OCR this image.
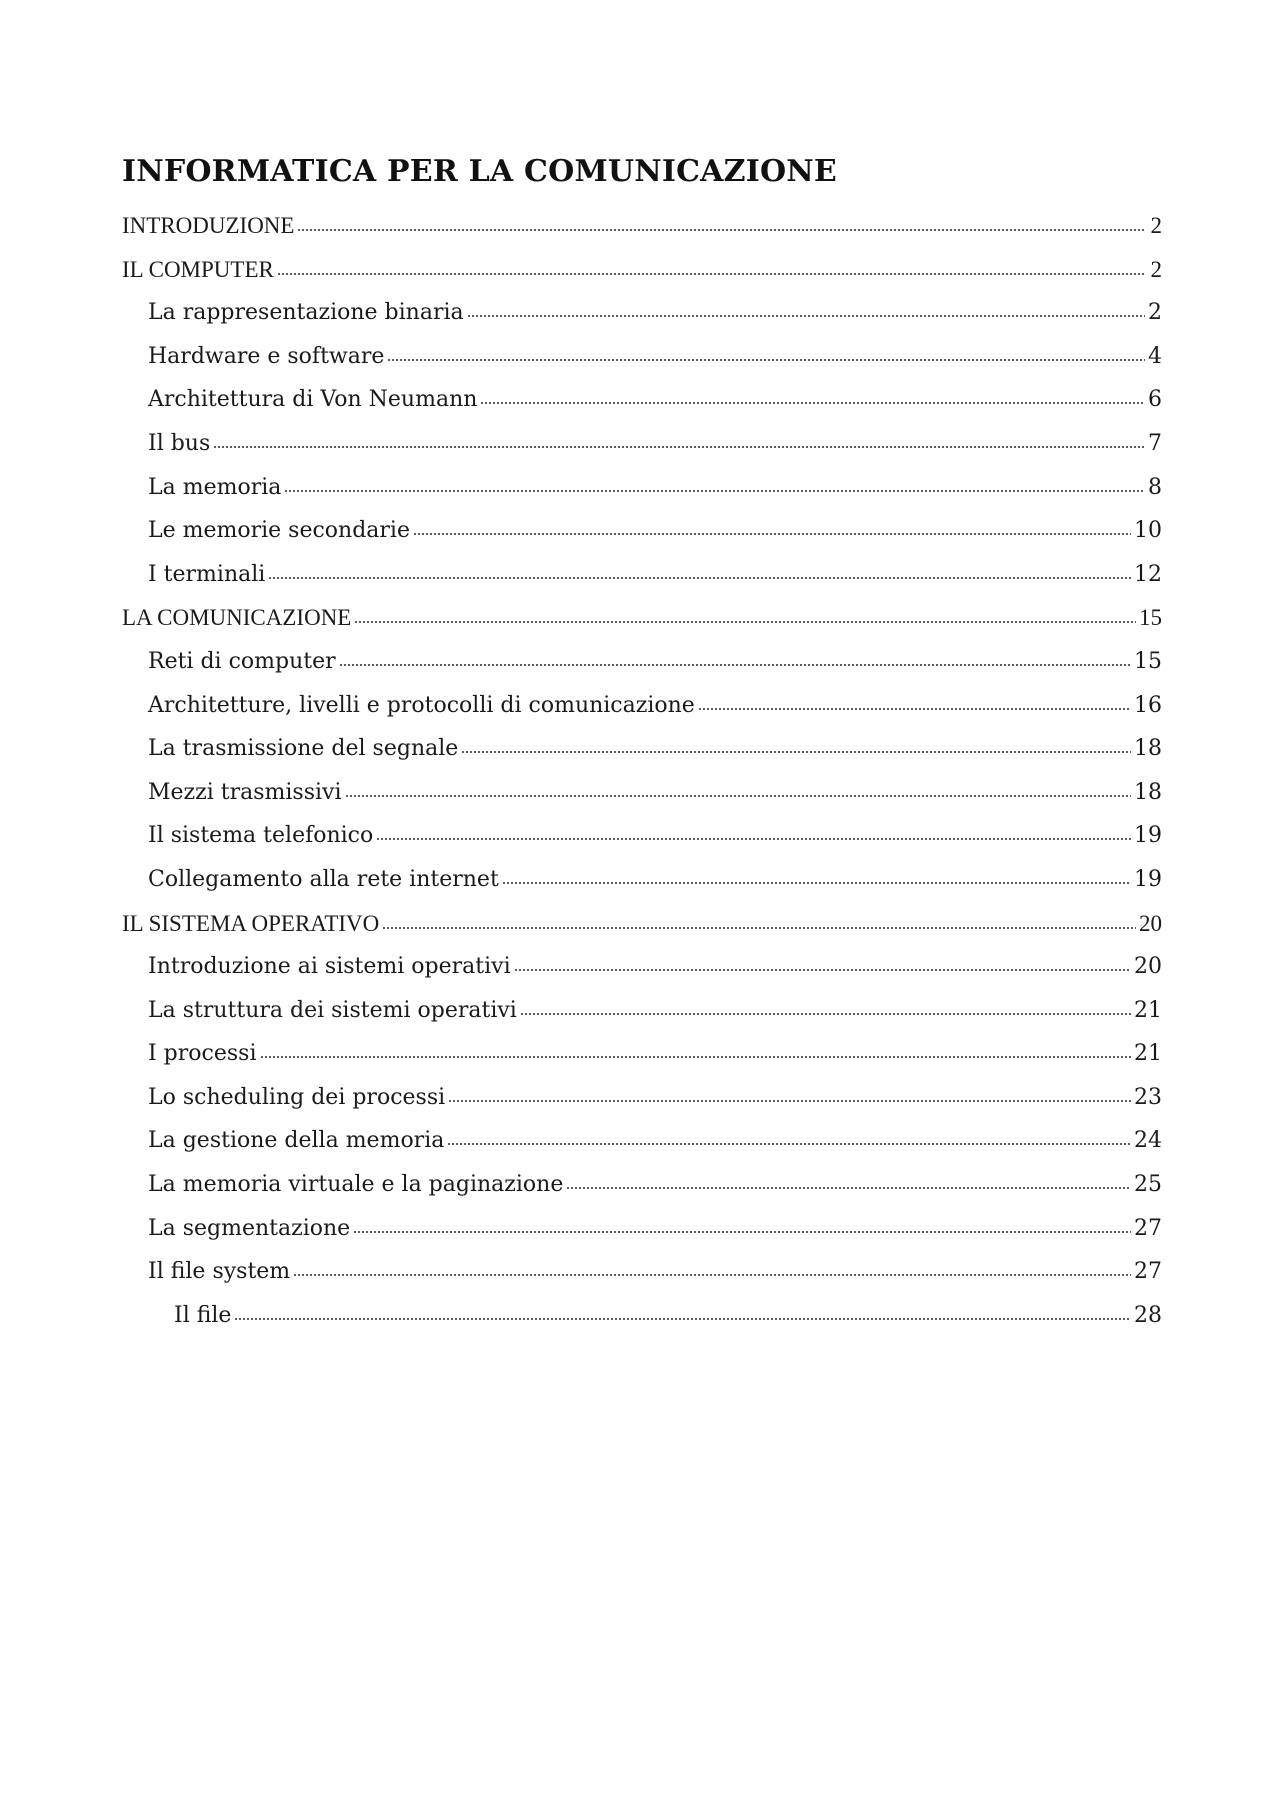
INFORMATICA PER LA COMUNICAZIONE
INTRODUZIONE	2
IL COMPUTER	2
La rappresentazione binaria	2
Hardware e software	4
Architettura di Von Neumann	6
Il bus	7
La memoria	8
Le memorie secondarie	10
I terminali	12
LA COMUNICAZIONE	15
Reti di computer	15
Architetture, livelli e protocolli di comunicazione	16
La trasmissione del segnale	18
Mezzi trasmissivi	18
Il sistema telefonico	19
Collegamento alla rete internet	19
IL SISTEMA OPERATIVO	20
Introduzione ai sistemi operativi	20
La struttura dei sistemi operativi	21
I processi	21
Lo scheduling dei processi	23
La gestione della memoria	24
La memoria virtuale e la paginazione	25
La segmentazione	27
Il file system	27
Il file	28
